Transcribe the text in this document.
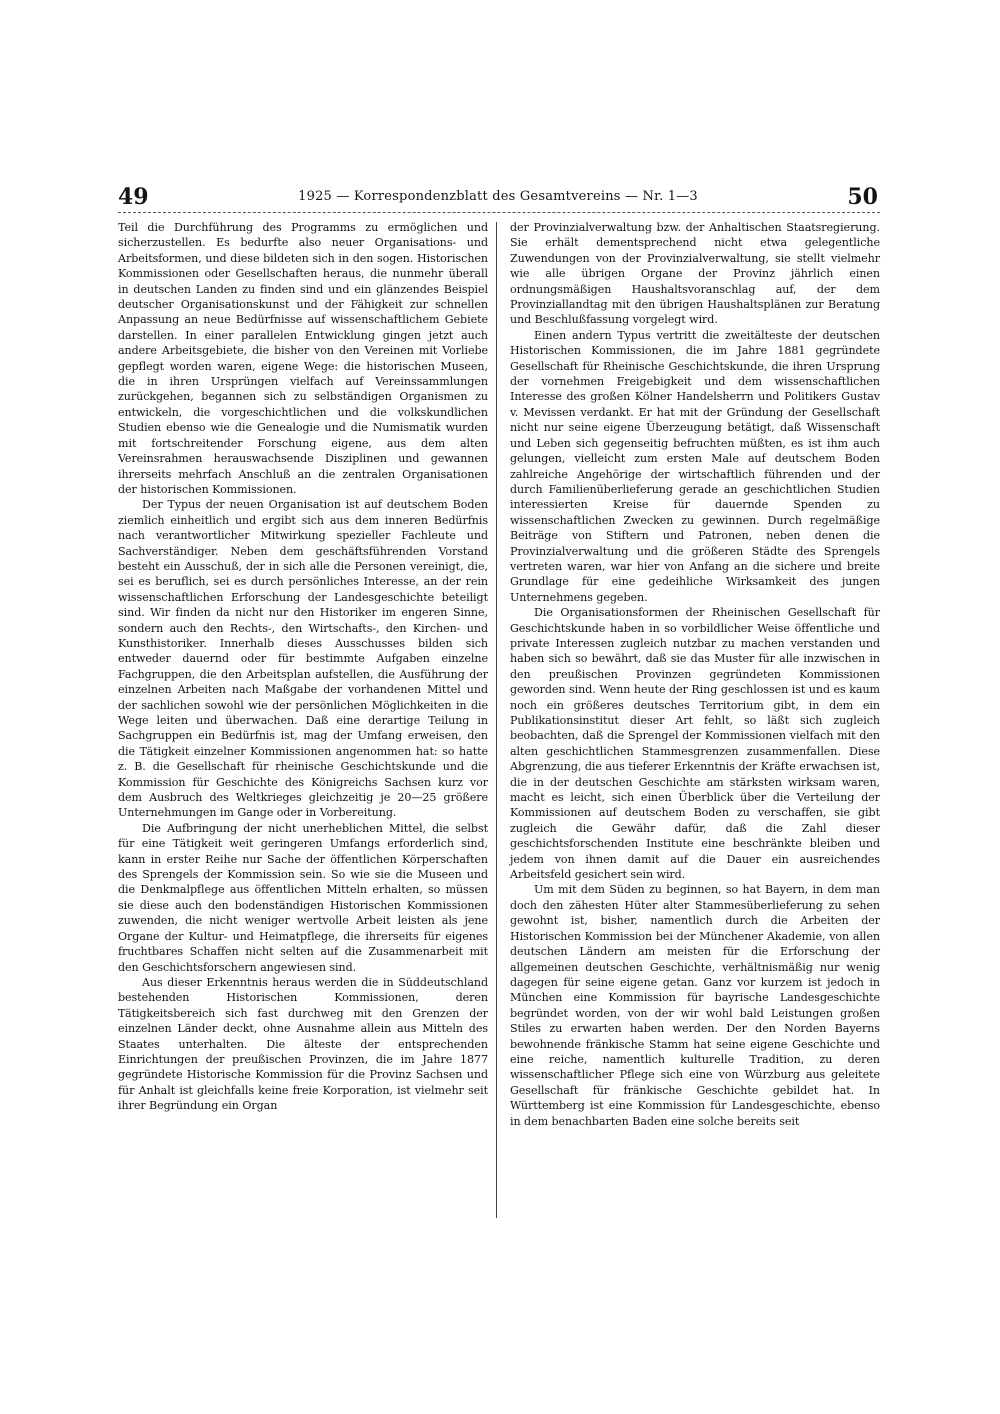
49	1925 — Korrespondenzblatt des Gesamtvereins — Nr. 1—3	50

Teil die Durchführung des Programms zu ermöglichen und sicherzustellen. Es bedurfte also neuer Organisations- und Arbeitsformen, und diese bildeten sich in den sogen. Historischen Kommissionen oder Gesellschaften heraus, die nunmehr überall in deutschen Landen zu finden sind und ein glänzendes Beispiel deutscher Organisationskunst und der Fähigkeit zur schnellen Anpassung an neue Bedürfnisse auf wissenschaftlichem Gebiete darstellen. In einer parallelen Entwicklung gingen jetzt auch andere Arbeitsgebiete, die bisher von den Vereinen mit Vorliebe gepflegt worden waren, eigene Wege: die historischen Museen, die in ihren Ursprüngen vielfach auf Vereinssammlungen zurückgehen, begannen sich zu selbständigen Organismen zu entwickeln, die vorgeschichtlichen und die volkskundlichen Studien ebenso wie die Genealogie und die Numismatik wurden mit fortschreitender Forschung eigene, aus dem alten Vereinsrahmen herauswachsende Disziplinen und gewannen ihrerseits mehrfach Anschluß an die zentralen Organisationen der historischen Kommissionen.

Der Typus der neuen Organisation ist auf deutschem Boden ziemlich einheitlich und ergibt sich aus dem inneren Bedürfnis nach verantwortlicher Mitwirkung spezieller Fachleute und Sachverständiger. Neben dem geschäftsführenden Vorstand besteht ein Ausschuß, der in sich alle die Personen vereinigt, die, sei es beruflich, sei es durch persönliches Interesse, an der rein wissenschaftlichen Erforschung der Landesgeschichte beteiligt sind. Wir finden da nicht nur den Historiker im engeren Sinne, sondern auch den Rechts-, den Wirtschafts-, den Kirchen- und Kunsthistoriker. Innerhalb dieses Ausschusses bilden sich entweder dauernd oder für bestimmte Aufgaben einzelne Fachgruppen, die den Arbeitsplan aufstellen, die Ausführung der einzelnen Arbeiten nach Maßgabe der vorhandenen Mittel und der sachlichen sowohl wie der persönlichen Möglichkeiten in die Wege leiten und überwachen. Daß eine derartige Teilung in Sachgruppen ein Bedürfnis ist, mag der Umfang erweisen, den die Tätigkeit einzelner Kommissionen angenommen hat: so hatte z. B. die Gesellschaft für rheinische Geschichtskunde und die Kommission für Geschichte des Königreichs Sachsen kurz vor dem Ausbruch des Weltkrieges gleichzeitig je 20—25 größere Unternehmungen im Gange oder in Vorbereitung.

Die Aufbringung der nicht unerheblichen Mittel, die selbst für eine Tätigkeit weit geringeren Umfangs erforderlich sind, kann in erster Reihe nur Sache der öffentlichen Körperschaften des Sprengels der Kommission sein. So wie sie die Museen und die Denkmalpflege aus öffentlichen Mitteln erhalten, so müssen sie diese auch den bodenständigen Historischen Kommissionen zuwenden, die nicht weniger wertvolle Arbeit leisten als jene Organe der Kultur- und Heimatpflege, die ihrerseits für eigenes fruchtbares Schaffen nicht selten auf die Zusammenarbeit mit den Geschichtsforschern angewiesen sind.

Aus dieser Erkenntnis heraus werden die in Süddeutschland bestehenden Historischen Kommissionen, deren Tätigkeitsbereich sich fast durchweg mit den Grenzen der einzelnen Länder deckt, ohne Ausnahme allein aus Mitteln des Staates unterhalten. Die älteste der entsprechenden Einrichtungen der preußischen Provinzen, die im Jahre 1877 gegründete Historische Kommission für die Provinz Sachsen und für Anhalt ist gleichfalls keine freie Korporation, ist vielmehr seit ihrer Begründung ein Organ

der Provinzialverwaltung bzw. der Anhaltischen Staatsregierung. Sie erhält dementsprechend nicht etwa gelegentliche Zuwendungen von der Provinzialverwaltung, sie stellt vielmehr wie alle übrigen Organe der Provinz jährlich einen ordnungsmäßigen Haushaltsvoranschlag auf, der dem Provinziallandtag mit den übrigen Haushaltsplänen zur Beratung und Beschlußfassung vorgelegt wird.

Einen andern Typus vertritt die zweitälteste der deutschen Historischen Kommissionen, die im Jahre 1881 gegründete Gesellschaft für Rheinische Geschichtskunde, die ihren Ursprung der vornehmen Freigebigkeit und dem wissenschaftlichen Interesse des großen Kölner Handelsherrn und Politikers Gustav v. Mevissen verdankt. Er hat mit der Gründung der Gesellschaft nicht nur seine eigene Überzeugung betätigt, daß Wissenschaft und Leben sich gegenseitig befruchten müßten, es ist ihm auch gelungen, vielleicht zum ersten Male auf deutschem Boden zahlreiche Angehörige der wirtschaftlich führenden und der durch Familienüberlieferung gerade an geschichtlichen Studien interessierten Kreise für dauernde Spenden zu wissenschaftlichen Zwecken zu gewinnen. Durch regelmäßige Beiträge von Stiftern und Patronen, neben denen die Provinzialverwaltung und die größeren Städte des Sprengels vertreten waren, war hier von Anfang an die sichere und breite Grundlage für eine gedeihliche Wirksamkeit des jungen Unternehmens gegeben.

Die Organisationsformen der Rheinischen Gesellschaft für Geschichtskunde haben in so vorbildlicher Weise öffentliche und private Interessen zugleich nutzbar zu machen verstanden und haben sich so bewährt, daß sie das Muster für alle inzwischen in den preußischen Provinzen gegründeten Kommissionen geworden sind. Wenn heute der Ring geschlossen ist und es kaum noch ein größeres deutsches Territorium gibt, in dem ein Publikationsinstitut dieser Art fehlt, so läßt sich zugleich beobachten, daß die Sprengel der Kommissionen vielfach mit den alten geschichtlichen Stammesgrenzen zusammenfallen. Diese Abgrenzung, die aus tieferer Erkenntnis der Kräfte erwachsen ist, die in der deutschen Geschichte am stärksten wirksam waren, macht es leicht, sich einen Überblick über die Verteilung der Kommissionen auf deutschem Boden zu verschaffen, sie gibt zugleich die Gewähr dafür, daß die Zahl dieser geschichtsforschenden Institute eine beschränkte bleiben und jedem von ihnen damit auf die Dauer ein ausreichendes Arbeitsfeld gesichert sein wird.

Um mit dem Süden zu beginnen, so hat Bayern, in dem man doch den zähesten Hüter alter Stammesüberlieferung zu sehen gewohnt ist, bisher, namentlich durch die Arbeiten der Historischen Kommission bei der Münchener Akademie, von allen deutschen Ländern am meisten für die Erforschung der allgemeinen deutschen Geschichte, verhältnismäßig nur wenig dagegen für seine eigene getan. Ganz vor kurzem ist jedoch in München eine Kommission für bayrische Landesgeschichte begründet worden, von der wir wohl bald Leistungen großen Stiles zu erwarten haben werden. Der den Norden Bayerns bewohnende fränkische Stamm hat seine eigene Geschichte und eine reiche, namentlich kulturelle Tradition, zu deren wissenschaftlicher Pflege sich eine von Würzburg aus geleitete Gesellschaft für fränkische Geschichte gebildet hat. In Württemberg ist eine Kommission für Landesgeschichte, ebenso in dem benachbarten Baden eine solche bereits seit
